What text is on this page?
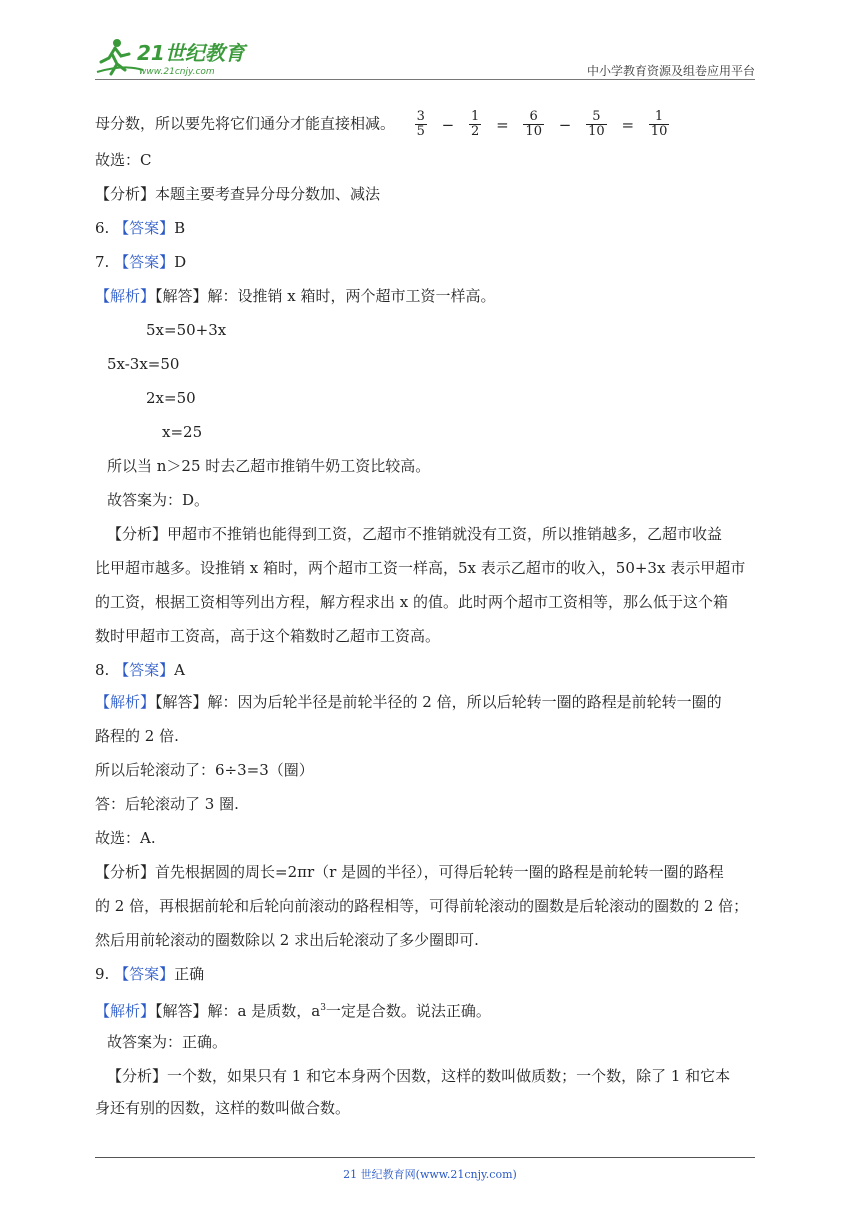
21世纪教育
www.21cnjy.com	中小学教育资源及组卷应用平台
母分数，所以要先将它们通分才能直接相减。 $\frac{3}{5} - \frac{1}{2} = \frac{6}{10} - \frac{5}{10} = \frac{1}{10}$
故选：C
【分析】本题主要考查异分母分数加、减法
6. 【答案】B
7. 【答案】D
【解析】【解答】解：设推销 x 箱时，两个超市工资一样高。
5x=50+3x
5x-3x=50
2x=50
x=25
所以当 n＞25 时去乙超市推销牛奶工资比较高。
故答案为：D。
【分析】甲超市不推销也能得到工资，乙超市不推销就没有工资，所以推销越多，乙超市收益
比甲超市越多。设推销 x 箱时，两个超市工资一样高，5x 表示乙超市的收入，50+3x 表示甲超市
的工资，根据工资相等列出方程，解方程求出 x 的值。此时两个超市工资相等，那么低于这个箱
数时甲超市工资高，高于这个箱数时乙超市工资高。
8. 【答案】A
【解析】【解答】解：因为后轮半径是前轮半径的 2 倍，所以后轮转一圈的路程是前轮转一圈的
路程的 2 倍.
所以后轮滚动了：6÷3=3（圈）
答：后轮滚动了 3 圈.
故选：A.
【分析】首先根据圆的周长=2πr（r 是圆的半径），可得后轮转一圈的路程是前轮转一圈的路程
的 2 倍，再根据前轮和后轮向前滚动的路程相等，可得前轮滚动的圈数是后轮滚动的圈数的 2 倍；
然后用前轮滚动的圈数除以 2 求出后轮滚动了多少圈即可.
9. 【答案】正确
【解析】【解答】解：a 是质数，$a^3$一定是合数。说法正确。
故答案为：正确。
【分析】一个数，如果只有 1 和它本身两个因数，这样的数叫做质数；一个数，除了 1 和它本
身还有别的因数，这样的数叫做合数。
21 世纪教育网(www.21cnjy.com)
